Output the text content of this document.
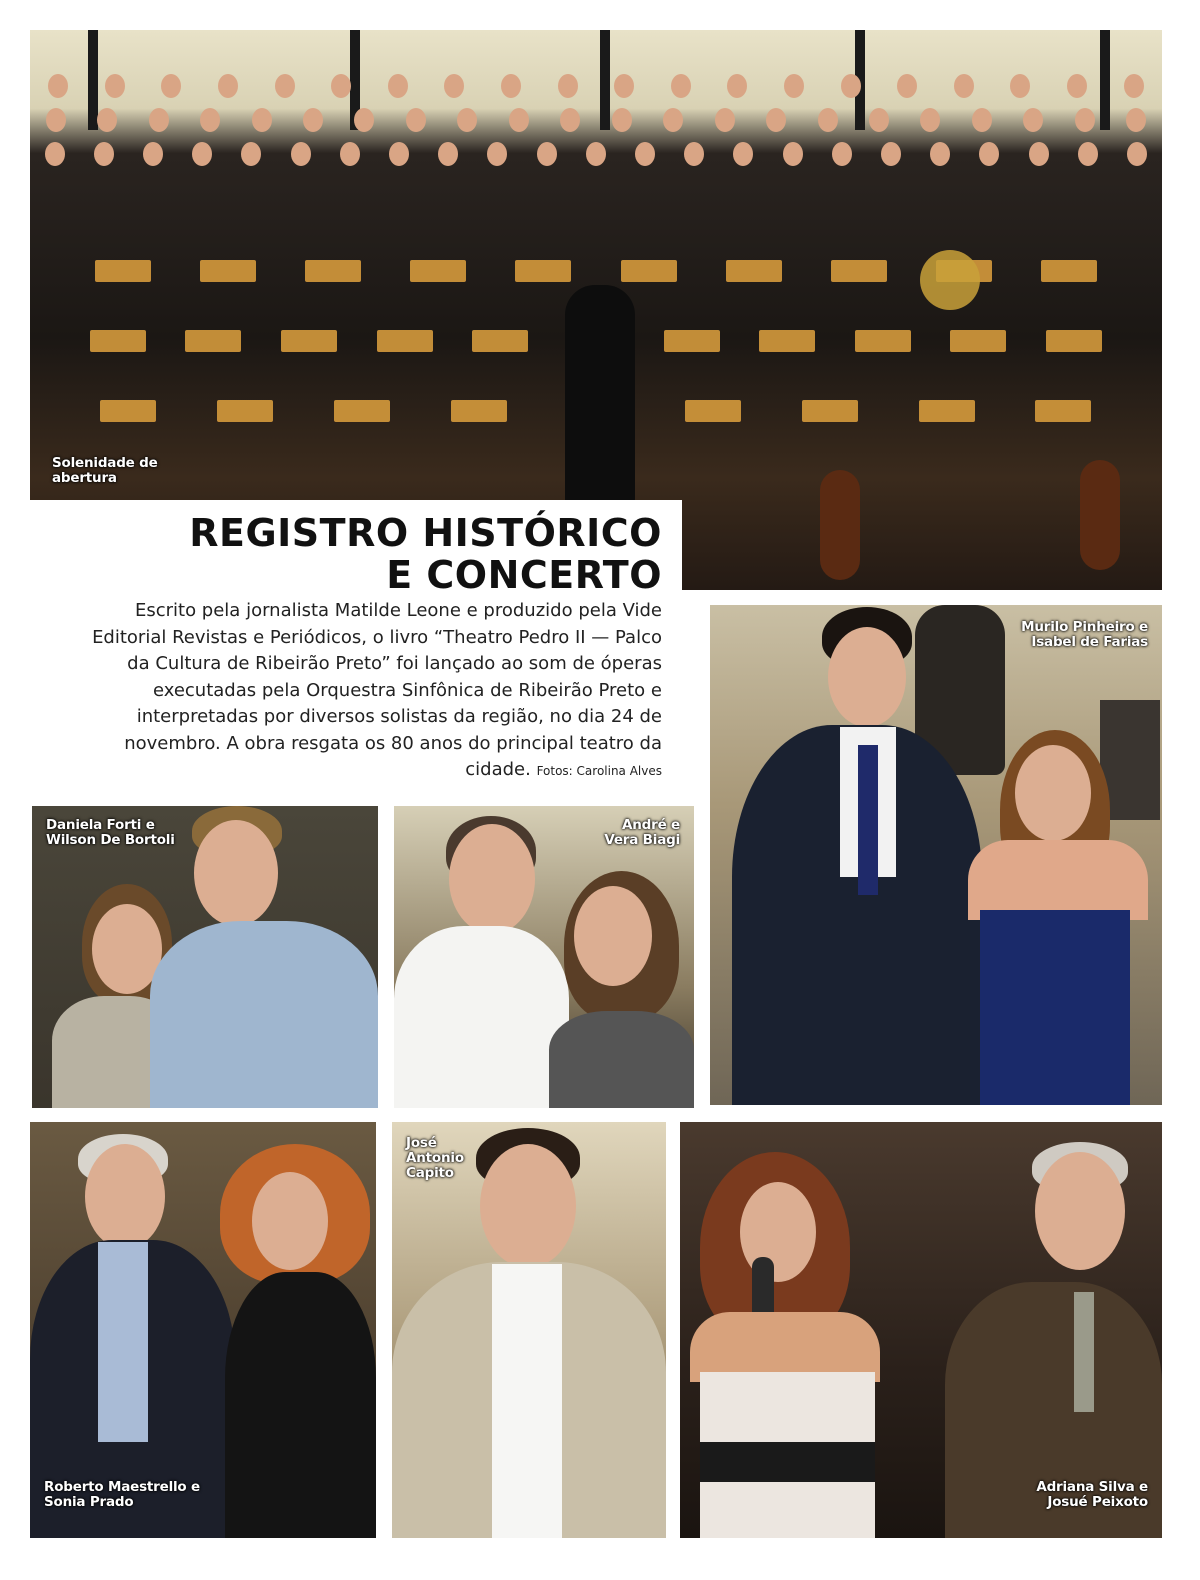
Solenidade de
abertura
REGISTRO HISTÓRICO
E CONCERTO
Escrito pela jornalista Matilde Leone e produzido pela Vide Editorial Revistas e Periódicos, o livro “Theatro Pedro II — Palco da Cultura de Ribeirão Preto” foi lançado ao som de óperas executadas pela Orquestra Sinfônica de Ribeirão Preto e interpretadas por diversos solistas da região, no dia 24 de novembro. A obra resgata os 80 anos do principal teatro da cidade. Fotos: Carolina Alves
Murilo Pinheiro e
Isabel de Farias
Daniela Forti e
Wilson De Bortoli
André e
Vera Biagi
Roberto Maestrello e
Sonia Prado
José
Antonio
Capito
Adriana Silva e
Josué Peixoto
